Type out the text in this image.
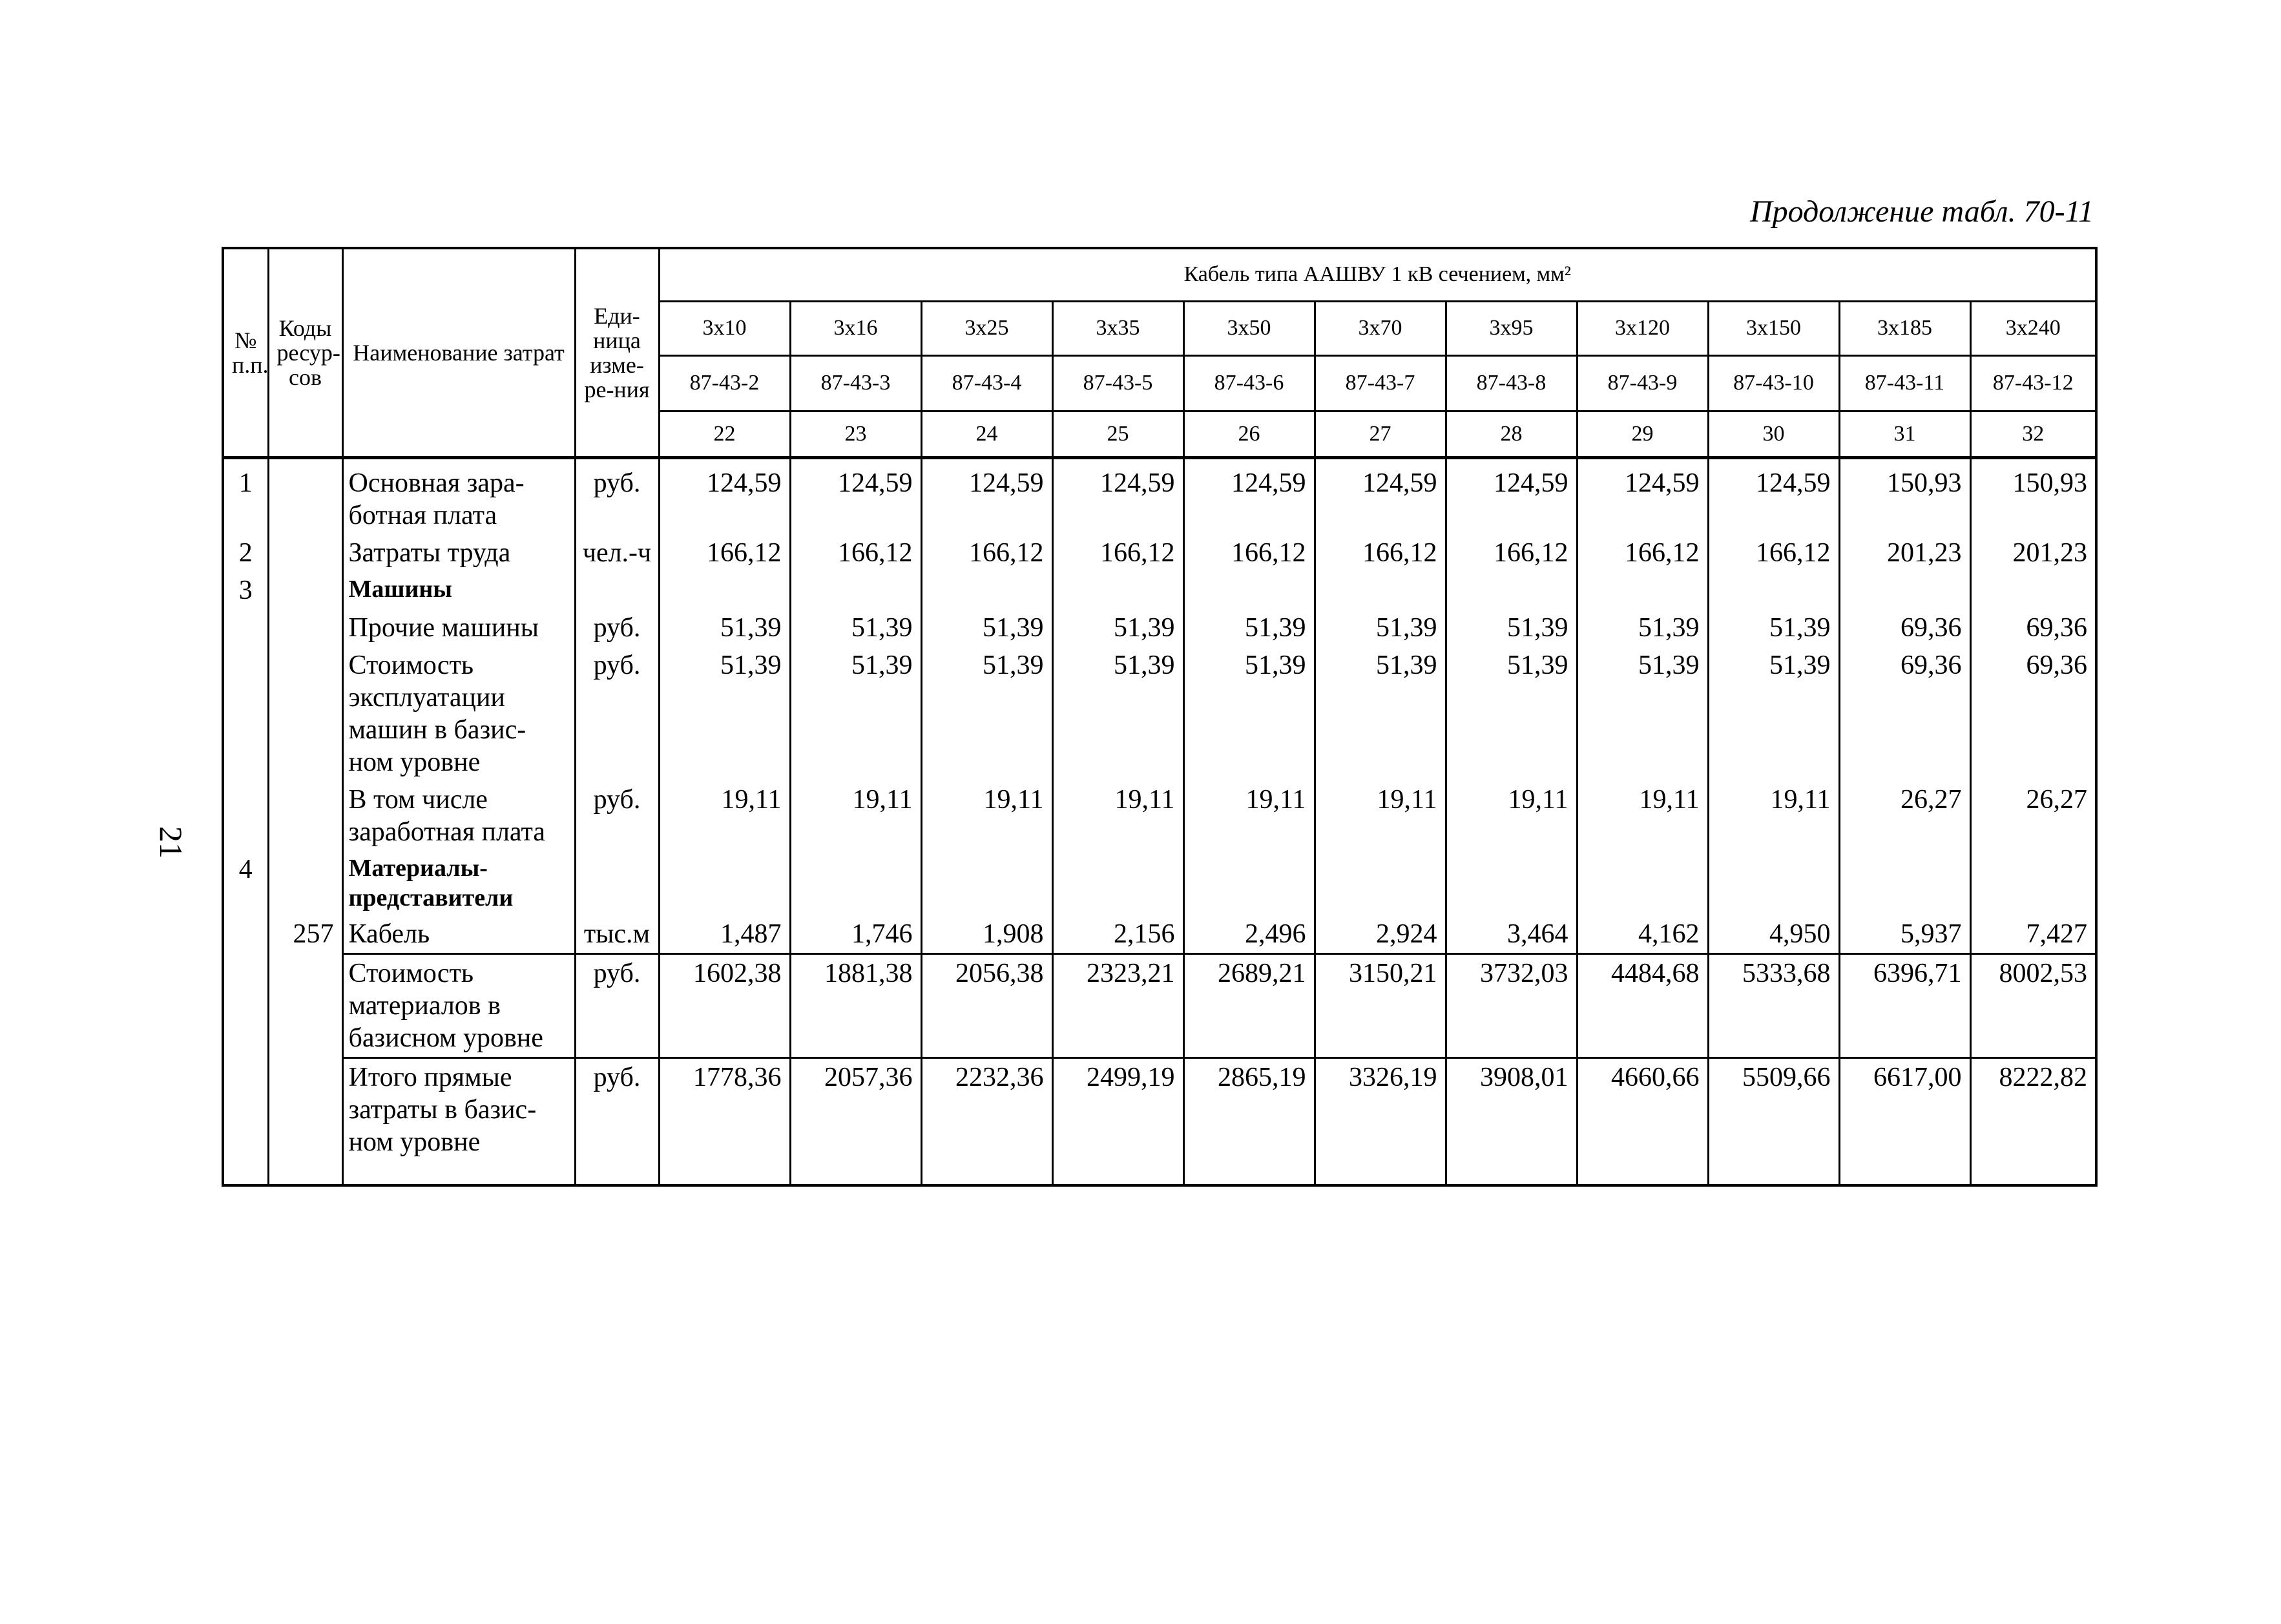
Продолжение табл. 70-11
21
№ п.п.	Коды ресур-сов	Наименование затрат	Еди-ница изме-ре-ния	Кабель типа ААШВУ 1 кВ сечением, мм²										
				3х10	3х16	3х25	3х35	3х50	3х70	3х95	3х120	3х150	3х185	3х240
				87-43-2	87-43-3	87-43-4	87-43-5	87-43-6	87-43-7	87-43-8	87-43-9	87-43-10	87-43-11	87-43-12
				22	23	24	25	26	27	28	29	30	31	32
1		Основная зара-ботная плата	руб.	124,59	124,59	124,59	124,59	124,59	124,59	124,59	124,59	124,59	150,93	150,93
2		Затраты труда	чел.-ч	166,12	166,12	166,12	166,12	166,12	166,12	166,12	166,12	166,12	201,23	201,23
3		Машины												
		Прочие машины	руб.	51,39	51,39	51,39	51,39	51,39	51,39	51,39	51,39	51,39	69,36	69,36
		Стоимость эксплуатации машин в базис-ном уровне	руб.	51,39	51,39	51,39	51,39	51,39	51,39	51,39	51,39	51,39	69,36	69,36
		В том числе заработная плата	руб.	19,11	19,11	19,11	19,11	19,11	19,11	19,11	19,11	19,11	26,27	26,27
4		Материалы-представители												
	257	Кабель	тыс.м	1,487	1,746	1,908	2,156	2,496	2,924	3,464	4,162	4,950	5,937	7,427
		Стоимость материалов в базисном уровне	руб.	1602,38	1881,38	2056,38	2323,21	2689,21	3150,21	3732,03	4484,68	5333,68	6396,71	8002,53
		Итого прямые затраты в базис-ном уровне	руб.	1778,36	2057,36	2232,36	2499,19	2865,19	3326,19	3908,01	4660,66	5509,66	6617,00	8222,82
